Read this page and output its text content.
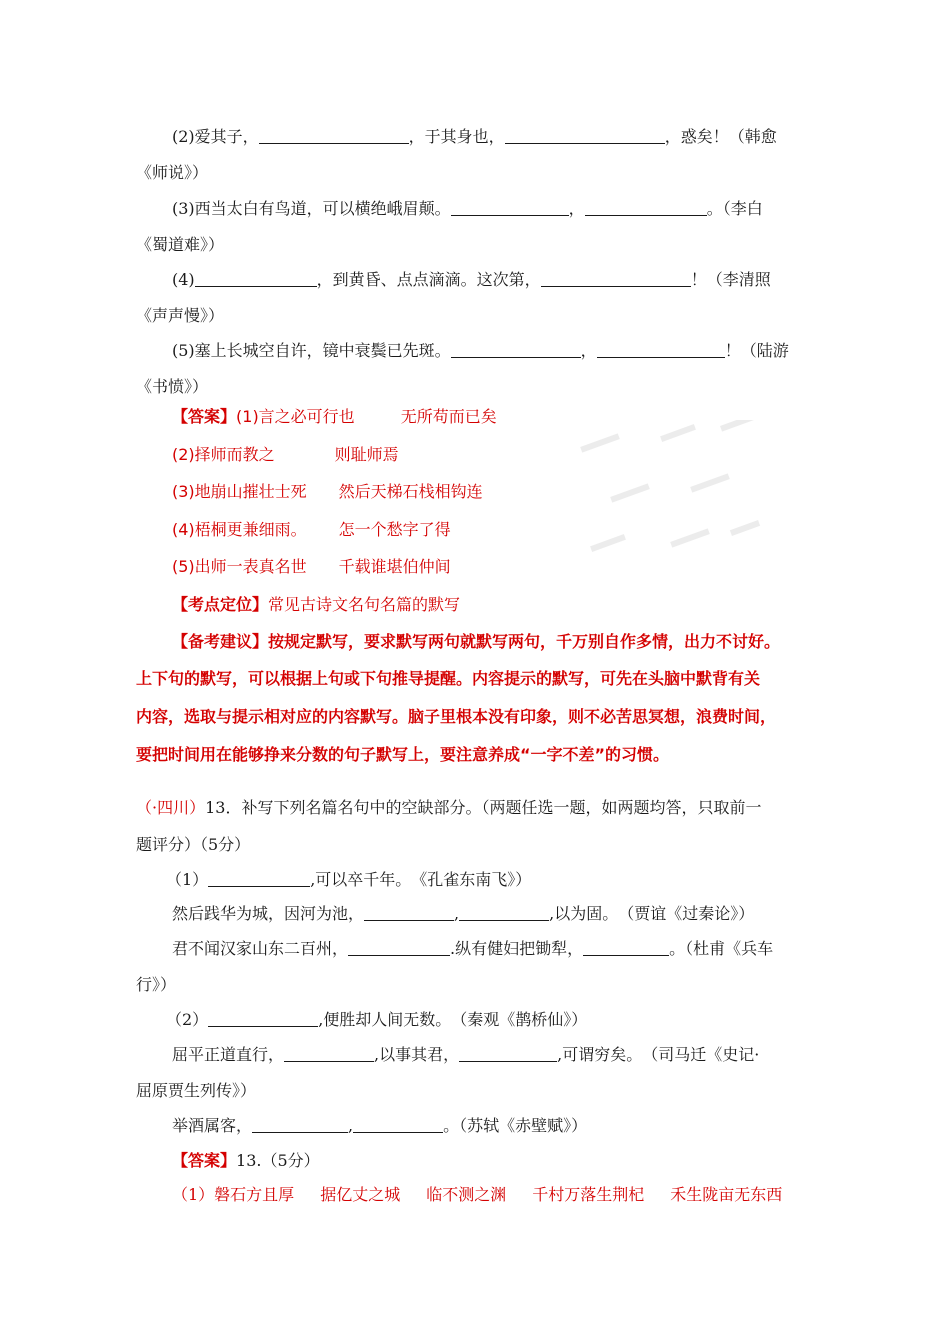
(2)爱其子，	，于其身也，	，惑矣！（韩愈
《师说》）
(3)西当太白有鸟道，可以横绝峨眉颠。	，	。（李白
《蜀道难》）
(4)	，到黄昏、点点滴滴。这次第，	！（李清照
《声声慢》）
(5)塞上长城空自许，镜中衰鬓已先斑。	，	！（陆游
《书愤》）
【答案】(1)言之必可行也	无所苟而已矣
(2)择师而教之	则耻师焉
(3)地崩山摧壮士死 然后天梯石栈相钩连
(4)梧桐更兼细雨。 怎一个愁字了得
(5)出师一表真名世 千载谁堪伯仲间
【考点定位】常见古诗文名句名篇的默写
【备考建议】按规定默写，要求默写两句就默写两句，千万别自作多情，出力不讨好。
上下句的默写，可以根据上句或下句推导提醒。内容提示的默写，可先在头脑中默背有关
内容，选取与提示相对应的内容默写。脑子里根本没有印象，则不必苦思冥想，浪费时间，
要把时间用在能够挣来分数的句子默写上，要注意养成“一字不差”的习惯。
（·四川）13．补写下列名篇名句中的空缺部分。（两题任选一题，如两题均答，只取前一
题评分）（5分）
（1）	,可以卒千年。　《孔雀东南飞》）
然后践华为城，因河为池，	,	,以为固。　（贾谊《过秦论》）
君不闻汉家山东二百州，	.纵有健妇把锄犁，	。（杜甫《兵车
行》）
（2）	,便胜却人间无数。　（秦观《鹊桥仙》）
屈平正道直行，	,以事其君，	,可谓穷矣。　（司马迁《史记·
屈原贾生列传》）
举酒属客，	,	。（苏轼《赤壁赋》）
【答案】13.（5分）
（1）磐石方且厚 据亿丈之城 临不测之渊 千村万落生荆杞 禾生陇亩无东西
